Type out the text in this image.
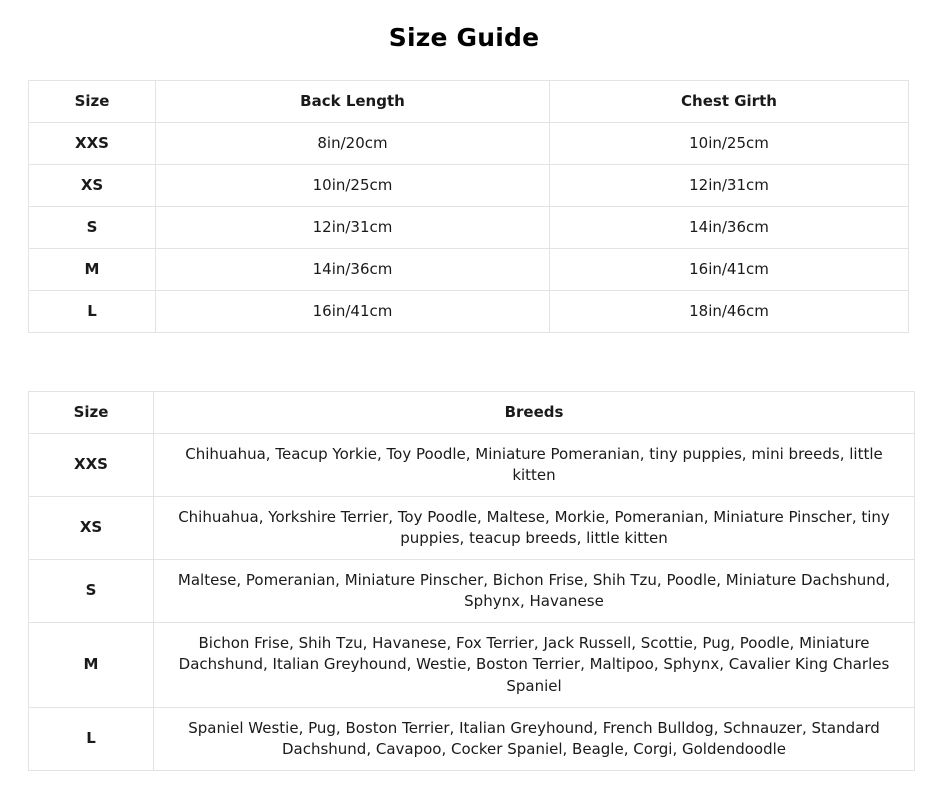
Size Guide
Size	Back Length	Chest Girth
XXS	8in/20cm	10in/25cm
XS	10in/25cm	12in/31cm
S	12in/31cm	14in/36cm
M	14in/36cm	16in/41cm
L	16in/41cm	18in/46cm
Size	Breeds
XXS	Chihuahua, Teacup Yorkie, Toy Poodle, Miniature Pomeranian, tiny puppies, mini breeds, little kitten
XS	Chihuahua, Yorkshire Terrier, Toy Poodle, Maltese, Morkie, Pomeranian, Miniature Pinscher, tiny puppies, teacup breeds, little kitten
S	Maltese, Pomeranian, Miniature Pinscher, Bichon Frise, Shih Tzu, Poodle, Miniature Dachshund, Sphynx, Havanese
M	Bichon Frise, Shih Tzu, Havanese, Fox Terrier, Jack Russell, Scottie, Pug, Poodle, Miniature Dachshund, Italian Greyhound, Westie, Boston Terrier, Maltipoo, Sphynx, Cavalier King Charles Spaniel
L	Spaniel Westie, Pug, Boston Terrier, Italian Greyhound, French Bulldog, Schnauzer, Standard Dachshund, Cavapoo, Cocker Spaniel, Beagle, Corgi, Goldendoodle
